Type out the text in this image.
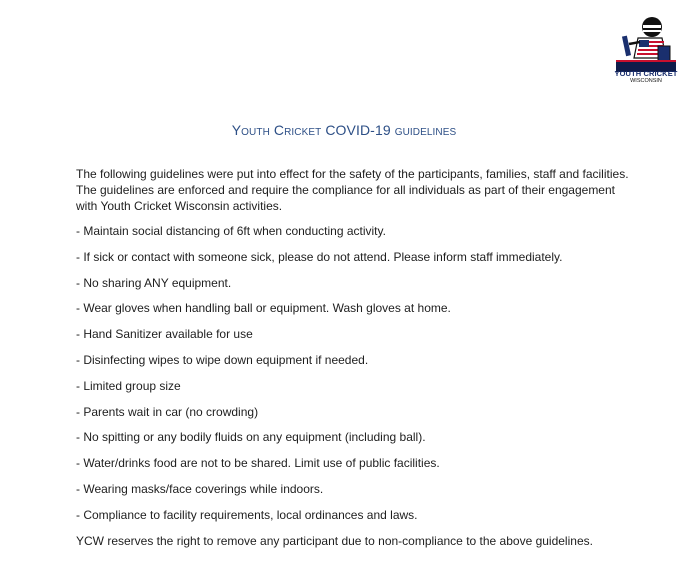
YOUTH CRICKET
WISCONSIN
Youth Cricket COVID-19 guidelines

The following guidelines were put into effect for the safety of the participants, families, staff and facilities. The guidelines are enforced and require the compliance for all individuals as part of their engagement with Youth Cricket Wisconsin activities.

- Maintain social distancing of 6ft when conducting activity.

- If sick or contact with someone sick, please do not attend. Please inform staff immediately.

- No sharing ANY equipment.

- Wear gloves when handling ball or equipment. Wash gloves at home.

- Hand Sanitizer available for use

- Disinfecting wipes to wipe down equipment if needed.

- Limited group size

- Parents wait in car (no crowding)

- No spitting or any bodily fluids on any equipment (including ball).

- Water/drinks food are not to be shared. Limit use of public facilities.

- Wearing masks/face coverings while indoors.

- Compliance to facility requirements, local ordinances and laws.

YCW reserves the right to remove any participant due to non-compliance to the above guidelines.
